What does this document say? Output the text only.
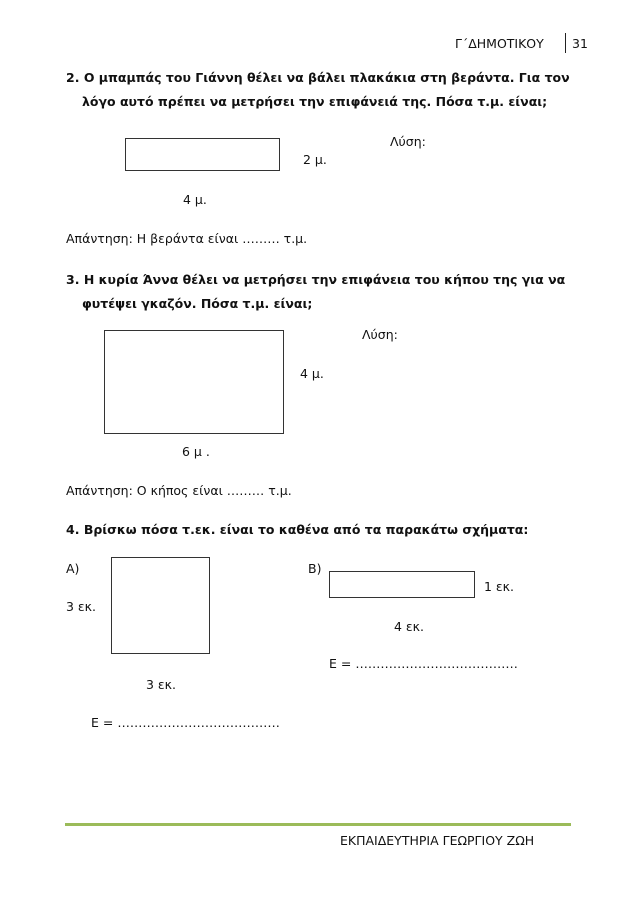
Γ΄ΔΗΜΟΤΙΚΟΥ 31
2. Ο μπαμπάς του Γιάννη θέλει να βάλει πλακάκια στη βεράντα. Για τον
λόγο αυτό πρέπει να μετρήσει την επιφάνειά της. Πόσα τ.μ. είναι;
Λύση:
2 μ.
4 μ.
Απάντηση: Η βεράντα είναι ……… τ.μ.
3. Η κυρία Άννα θέλει να μετρήσει την επιφάνεια του κήπου της για να
φυτέψει γκαζόν. Πόσα τ.μ. είναι;
Λύση:
4 μ.
6 μ .
Απάντηση: Ο κήπος είναι ……… τ.μ.
4. Βρίσκω πόσα τ.εκ. είναι το καθένα από τα παρακάτω σχήματα:
Α)
3 εκ.
3 εκ.
Ε = …………………………………
Β)
1 εκ.
4 εκ.
Ε = …………………………………
ΕΚΠΑΙΔΕΥΤΗΡΙΑ ΓΕΩΡΓΙΟΥ ΖΩΗ
